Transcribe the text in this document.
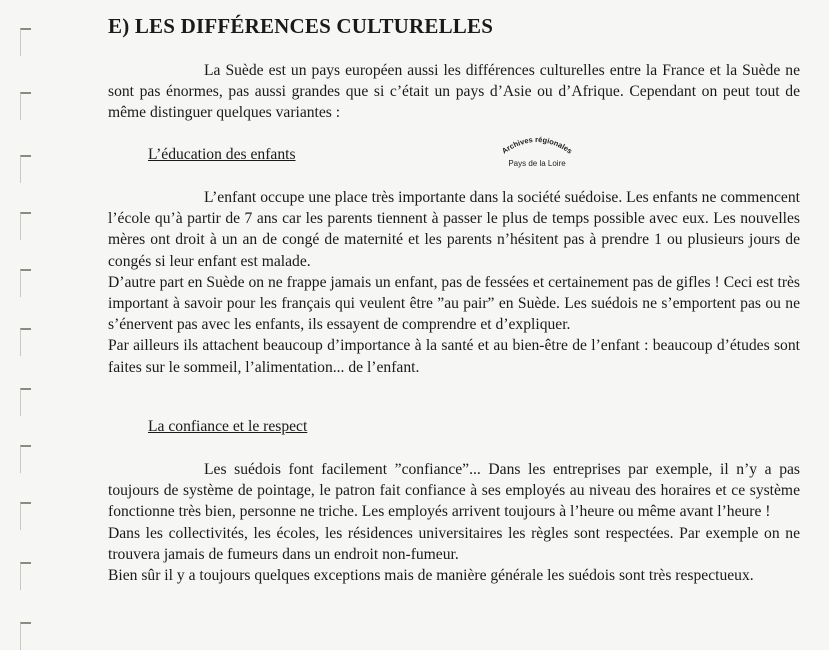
E) LES DIFFÉRENCES CULTURELLES

La Suède est un pays européen aussi les différences culturelles entre la France et la Suède ne sont pas énormes, pas aussi grandes que si c’était un pays d’Asie ou d’Afrique. Cependant on peut tout de même distinguer quelques variantes :

L’éducation des enfants	Archives régionales
Pays de la Loire

L’enfant occupe une place très importante dans la société suédoise. Les enfants ne commencent l’école qu’à partir de 7 ans car les parents tiennent à passer le plus de temps possible avec eux. Les nouvelles mères ont droit à un an de congé de maternité et les parents n’hésitent pas à prendre 1 ou plusieurs jours de congés si leur enfant est malade.

D’autre part en Suède on ne frappe jamais un enfant, pas de fessées et certainement pas de gifles ! Ceci est très important à savoir pour les français qui veulent être ”au pair” en Suède. Les suédois ne s’emportent pas ou ne s’énervent pas avec les enfants, ils essayent de comprendre et d’expliquer.

Par ailleurs ils attachent beaucoup d’importance à la santé et au bien-être de l’enfant : beaucoup d’études sont faites sur le sommeil, l’alimentation... de l’enfant.

La confiance et le respect

Les suédois font facilement ”confiance”... Dans les entreprises par exemple, il n’y a pas toujours de système de pointage, le patron fait confiance à ses employés au niveau des horaires et ce système fonctionne très bien, personne ne triche. Les employés arrivent toujours à l’heure ou même avant l’heure !

Dans les collectivités, les écoles, les résidences universitaires les règles sont respectées. Par exemple on ne trouvera jamais de fumeurs dans un endroit non-fumeur.

Bien sûr il y a toujours quelques exceptions mais de manière générale les suédois sont très respectueux.
